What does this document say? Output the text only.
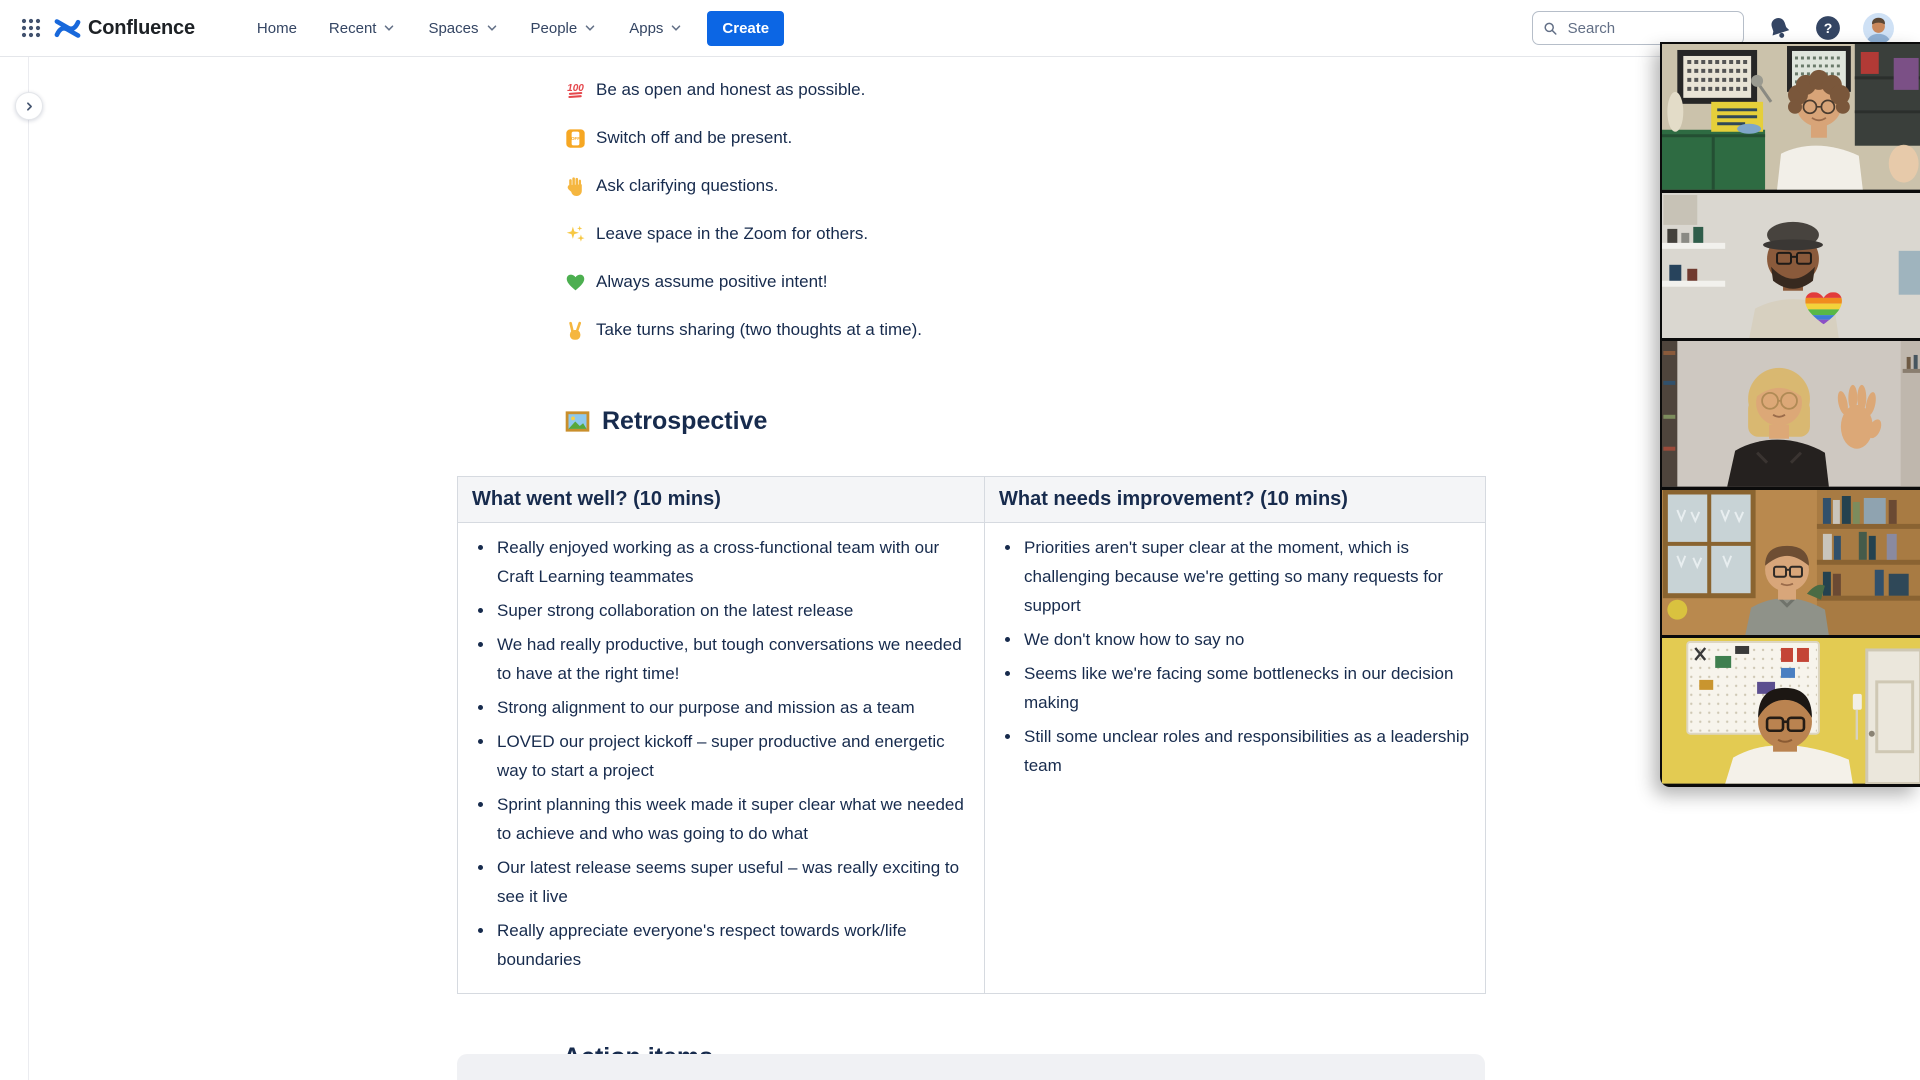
Confluence	Home Recent	Spaces	People	Apps	Create
Search	?
100 Be as open and honest as possible.
OFF Switch off and be present.
Ask clarifying questions.
Leave space in the Zoom for others.
Always assume positive intent!
Take turns sharing (two thoughts at a time).
Retrospective
What went well? (10 mins)	What needs improvement? (10 mins)

• Really enjoyed working as a cross-functional team with our Craft Learning teammates
• Super strong collaboration on the latest release
• We had really productive, but tough conversations we needed to have at the right time!
• Strong alignment to our purpose and mission as a team
• LOVED our project kickoff – super productive and energetic way to start a project
• Sprint planning this week made it super clear what we needed to achieve and who was going to do what
• Our latest release seems super useful – was really exciting to see it live
• Really appreciate everyone's respect towards work/life boundaries

• Priorities aren't super clear at the moment, which is challenging because we're getting so many requests for support
• We don't know how to say no
• Seems like we're facing some bottlenecks in our decision making
• Still some unclear roles and responsibilities as a leadership team
